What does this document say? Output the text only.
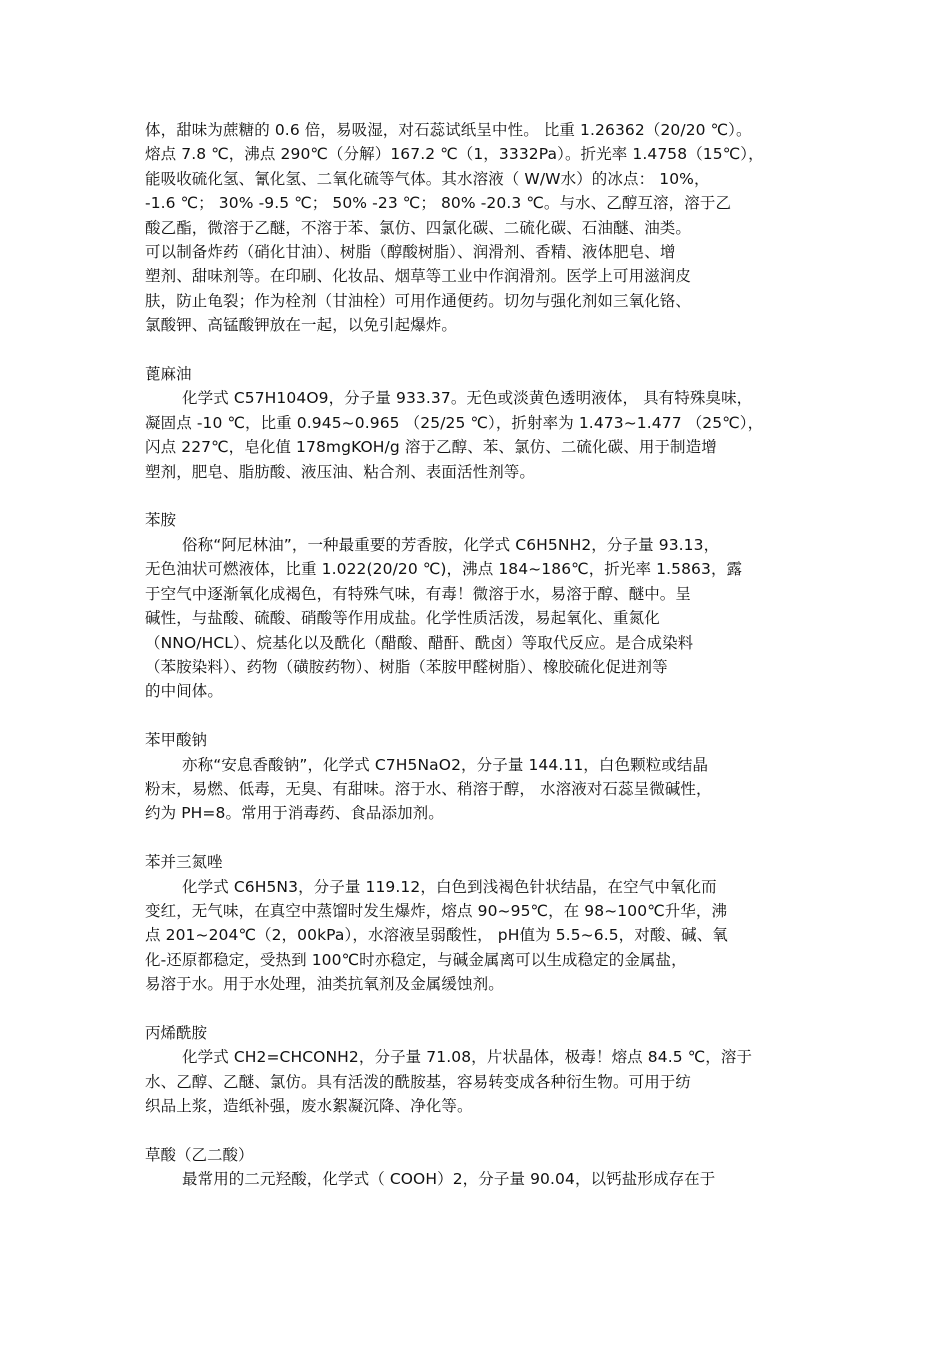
体，甜味为蔗糖的 0.6 倍，易吸湿，对石蕊试纸呈中性。 比重 1.26362（20/20 ℃）。
熔点 7.8 ℃，沸点 290℃（分解）167.2 ℃（1，3332Pa）。折光率 1.4758（15℃），
能吸收硫化氢、氰化氢、二氧化硫等气体。其水溶液（ W/W水）的冰点： 10%，
-1.6 ℃； 30% -9.5 ℃； 50% -23 ℃； 80% -20.3 ℃。与水、乙醇互溶，溶于乙
酸乙酯，微溶于乙醚，不溶于苯、氯仿、四氯化碳、二硫化碳、石油醚、油类。
可以制备炸药（硝化甘油）、树脂（醇酸树脂）、润滑剂、香精、液体肥皂、增
塑剂、甜味剂等。在印刷、化妆品、烟草等工业中作润滑剂。医学上可用滋润皮
肤，防止龟裂；作为栓剂（甘油栓）可用作通便药。切勿与强化剂如三氧化铬、
氯酸钾、高锰酸钾放在一起，以免引起爆炸。
蓖麻油
化学式 C57H104O9，分子量 933.37。无色或淡黄色透明液体， 具有特殊臭味，
凝固点 -10 ℃，比重 0.945~0.965 （25/25 ℃），折射率为 1.473~1.477 （25℃），
闪点 227℃，皂化值 178mgKOH/g 溶于乙醇、苯、氯仿、二硫化碳、用于制造增
塑剂，肥皂、脂肪酸、液压油、粘合剂、表面活性剂等。
苯胺
俗称“阿尼林油”，一种最重要的芳香胺，化学式 C6H5NH2，分子量 93.13，
无色油状可燃液体，比重 1.022(20/20 ℃)，沸点 184~186℃，折光率 1.5863，露
于空气中逐渐氧化成褐色，有特殊气味，有毒！微溶于水，易溶于醇、醚中。呈
碱性，与盐酸、硫酸、硝酸等作用成盐。化学性质活泼，易起氧化、重氮化
（NNO/HCL）、烷基化以及酰化（醋酸、醋酐、酰卤）等取代反应。是合成染料
（苯胺染料）、药物（磺胺药物）、树脂（苯胺甲醛树脂）、橡胶硫化促进剂等
的中间体。
苯甲酸钠
亦称“安息香酸钠”，化学式 C7H5NaO2，分子量 144.11，白色颗粒或结晶
粉末，易燃、低毒，无臭、有甜味。溶于水、稍溶于醇， 水溶液对石蕊呈微碱性，
约为 PH=8。常用于消毒药、食品添加剂。
苯并三氮唑
化学式 C6H5N3，分子量 119.12，白色到浅褐色针状结晶，在空气中氧化而
变红，无气味，在真空中蒸馏时发生爆炸，熔点 90~95℃，在 98~100℃升华，沸
点 201~204℃（2，00kPa），水溶液呈弱酸性， pH值为 5.5~6.5，对酸、碱、氧
化-还原都稳定，受热到 100℃时亦稳定，与碱金属离可以生成稳定的金属盐，
易溶于水。用于水处理，油类抗氧剂及金属缓蚀剂。
丙烯酰胺
化学式 CH2=CHCONH2，分子量 71.08，片状晶体，极毒！熔点 84.5 ℃，溶于
水、乙醇、乙醚、氯仿。具有活泼的酰胺基，容易转变成各种衍生物。可用于纺
织品上浆，造纸补强，废水絮凝沉降、净化等。
草酸（乙二酸）
最常用的二元羟酸，化学式（ COOH）2，分子量 90.04，以钙盐形成存在于
